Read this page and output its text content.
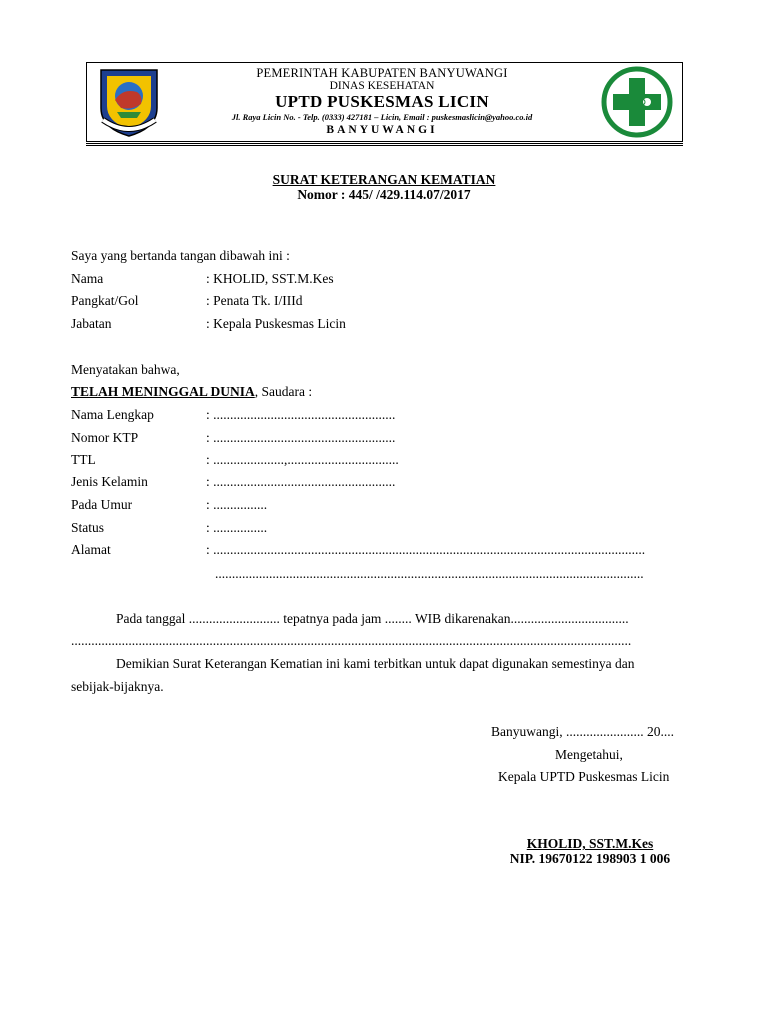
PEMERINTAH KABUPATEN BANYUWANGI
DINAS KESEHATAN
UPTD PUSKESMAS LICIN
Jl. Raya Licin No. - Telp. (0333) 427181 – Licin, Email : puskesmaslicin@yahoo.co.id
BANYUWANGI
SURAT KETERANGAN KEMATIAN
Nomor : 445/ /429.114.07/2017
Saya yang bertanda tangan dibawah ini :
Nama	: KHOLID, SST.M.Kes
Pangkat/Gol	: Penata Tk. I/IIId
Jabatan	: Kepala Puskesmas Licin
Menyatakan bahwa,
TELAH MENINGGAL DUNIA, Saudara :
Nama Lengkap	: ......................................................
Nomor KTP	: ......................................................
TTL	: .....................,.................................
Jenis Kelamin	: ......................................................
Pada Umur	: ................
Status	: ................
Alamat	: ................................................................................................................................
...............................................................................................................................
Pada tanggal ........................... tepatnya pada jam ........ WIB dikarenakan...................................
......................................................................................................................................................................
Demikian Surat Keterangan Kematian ini kami terbitkan untuk dapat digunakan semestinya dan
sebijak-bijaknya.
Banyuwangi, ....................... 20....
Mengetahui,
Kepala UPTD Puskesmas Licin
KHOLID, SST.M.Kes
NIP. 19670122 198903 1 006
